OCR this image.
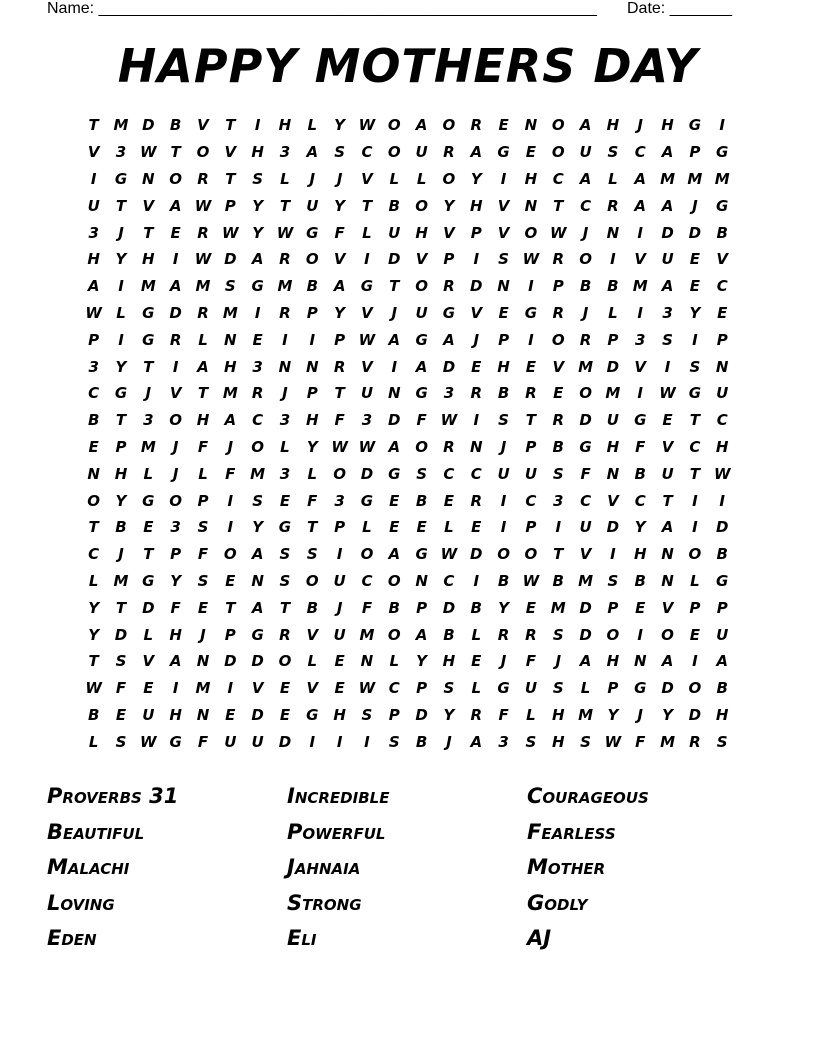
Name: ________________________________________________________ Date: _______
HAPPY MOTHERS DAY
T M D	B	V	T	I	H	L	Y W O	A	O	R	E	N O	A	H	J	H G	I
V	3 W T	O	V	H	3	A	S	C	O U	R	A	G	E	O U	S	C	A	P	G
I	G N O	R	T	S	L	J	J	V	L	L	O	Y	I	H	C	A	L	A M M M
U	T	V	A W P	Y	T	U	Y	T	B	O	Y	H	V	N	T	C	R	A	A	J	G
3	J	T	E	R W Y W G	F	L	U H	V	P	V	O W	J	N	I	D D	B
H	Y	H	I	W D	A	R	O	V	I	D	V	P	I	S W R	O	I	V	U	E	V
A	I	M A M S	G M B	A	G	T	O	R	D N	I	P	B	B M A	E	C
W L	G D	R M	I	R	P	Y	V	J	U	G	V	E	G	R	J	L	I	3	Y	E
P	I	G	R	L	N	E	I	I	P W A	G	A	J	P	I	O	R	P	3	S	I	P
3	Y	T	I	A	H	3	N N	R	V	I	A	D	E	H	E	V M D	V	I	S	N
C	G	J	V	T M R	J	P	T	U N G	3	R	B	R	E	O M	I	W G	U
B	T	3	O H	A	C	3	H	F	3	D	F W	I	S	T	R	D	U	G	E	T	C
E	P M	J	F	J	O	L	Y W W A	O	R	N	J	P	B	G H	F	V	C	H
N H	L	J	L	F M 3	L	O D G	S	C	C	U	U	S	F	N	B	U	T W
O	Y	G O	P	I	S	E	F	3	G	E	B	E	R	I	C	3	C	V	C	T	I	I
T	B	E	3	S	I	Y	G	T	P	L	E	E	L	E	I	P	I	U	D	Y	A	I	D
C	J	T	P	F	O	A	S	S	I	O	A	G W D O O	T	V	I	H N O	B
L	M G	Y	S	E	N	S	O U	C	O N	C	I	B W B M S	B	N	L	G
Y	T	D	F	E	T	A	T	B	J	F	B	P	D	B	Y	E M D	P	E	V	P	P
Y	D	L	H	J	P	G	R	V	U M O	A	B	L	R	R	S	D O	I	O	E	U
T	S	V	A	N D D O	L	E	N	L	Y	H	E	J	F	J	A	H N	A	I	A
W F	E	I	M	I	V	E	V	E W C	P	S	L	G	U	S	L	P	G D O	B
B	E	U H N	E	D	E	G H	S	P	D	Y	R	F	L	H M Y	J	Y	D H
L	S W G	F	U	U	D	I	I	I	S	B	J	A	3	S	H	S W F M R	S
Proverbs 31	Incredible	Courageous
Beautiful	Powerful	Fearless
Malachi	Jahnaia	Mother
Loving	Strong	Godly
Eden	Eli	AJ
